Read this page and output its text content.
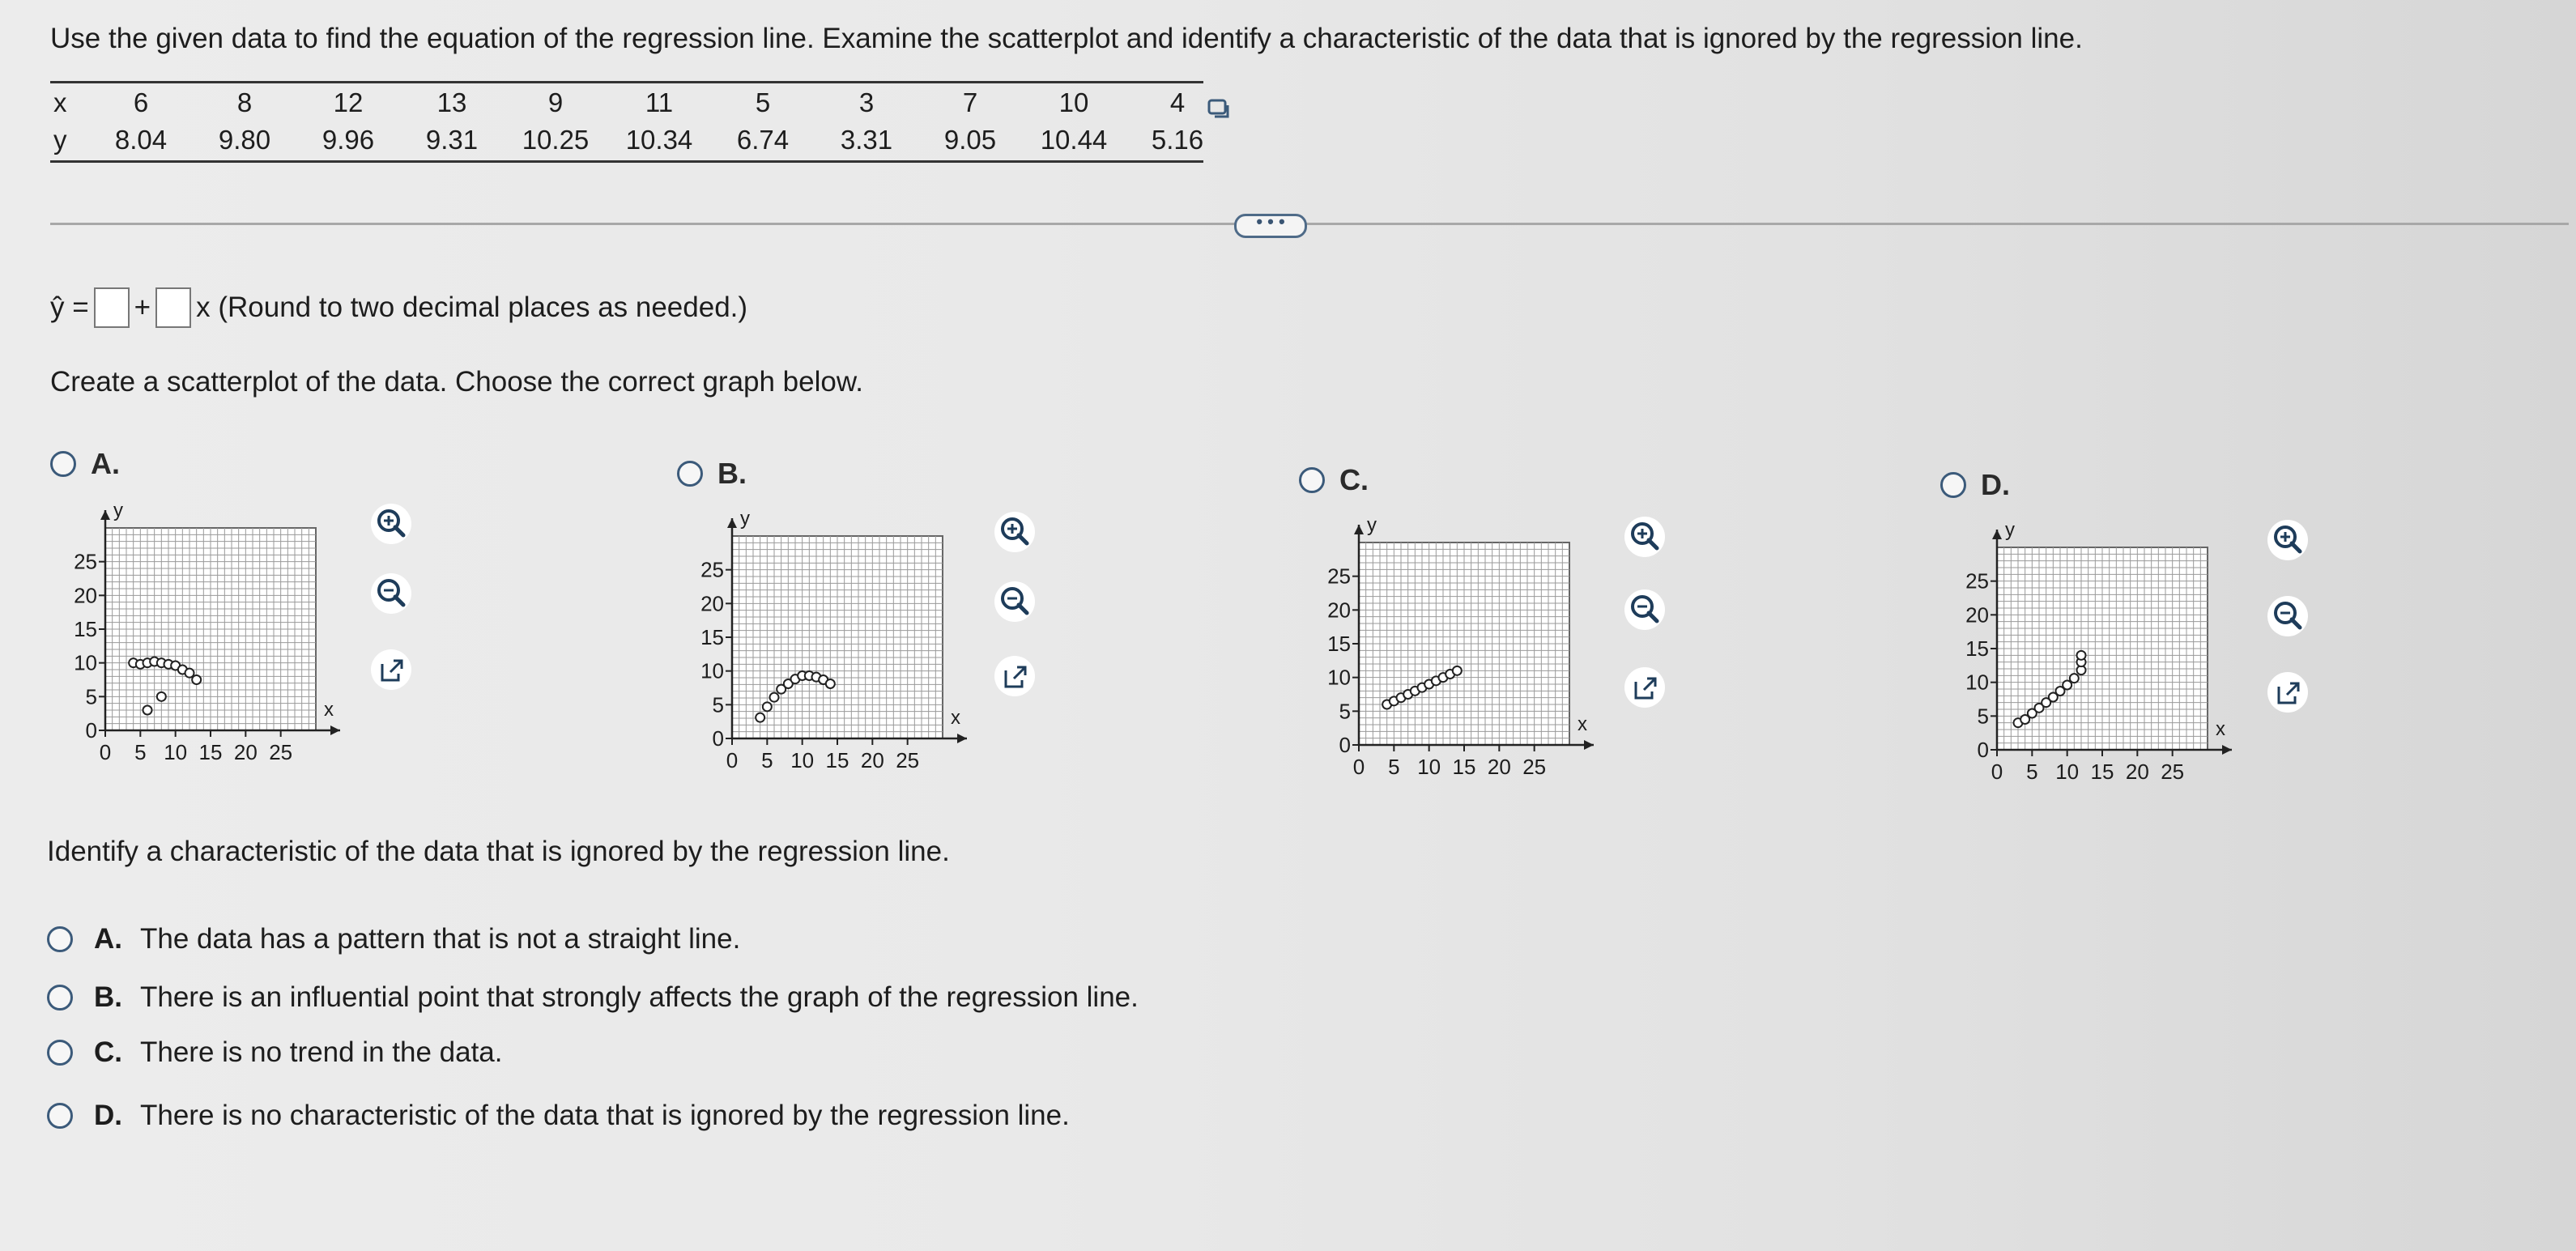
Use the given data to find the equation of the regression line. Examine the scatterplot and identify a characteristic of the data that is ignored by the regression line.
x	6	8	12	13	9	11	5	3	7	10	4
y	8.04	9.80	9.96	9.31	10.25	10.34	6.74	3.31	9.05	10.44	5.16
• • •
ŷ = + x (Round to two decimal places as needed.)
Create a scatterplot of the data. Choose the correct graph below.
A.	B.	C.	D.
0 5 10 15 20 25
0
5
10
15
20
25
x
y
0 5 10 15 20 25
0
5
10
15
20
25
x
y
0 5 10 15 20 25
0
5
10
15
20
25
x
y
0 5 10 15 20 25
0
5
10
15
20
25
x
y
Identify a characteristic of the data that is ignored by the regression line.
A. The data has a pattern that is not a straight line.
B. There is an influential point that strongly affects the graph of the regression line.
C. There is no trend in the data.
D. There is no characteristic of the data that is ignored by the regression line.
